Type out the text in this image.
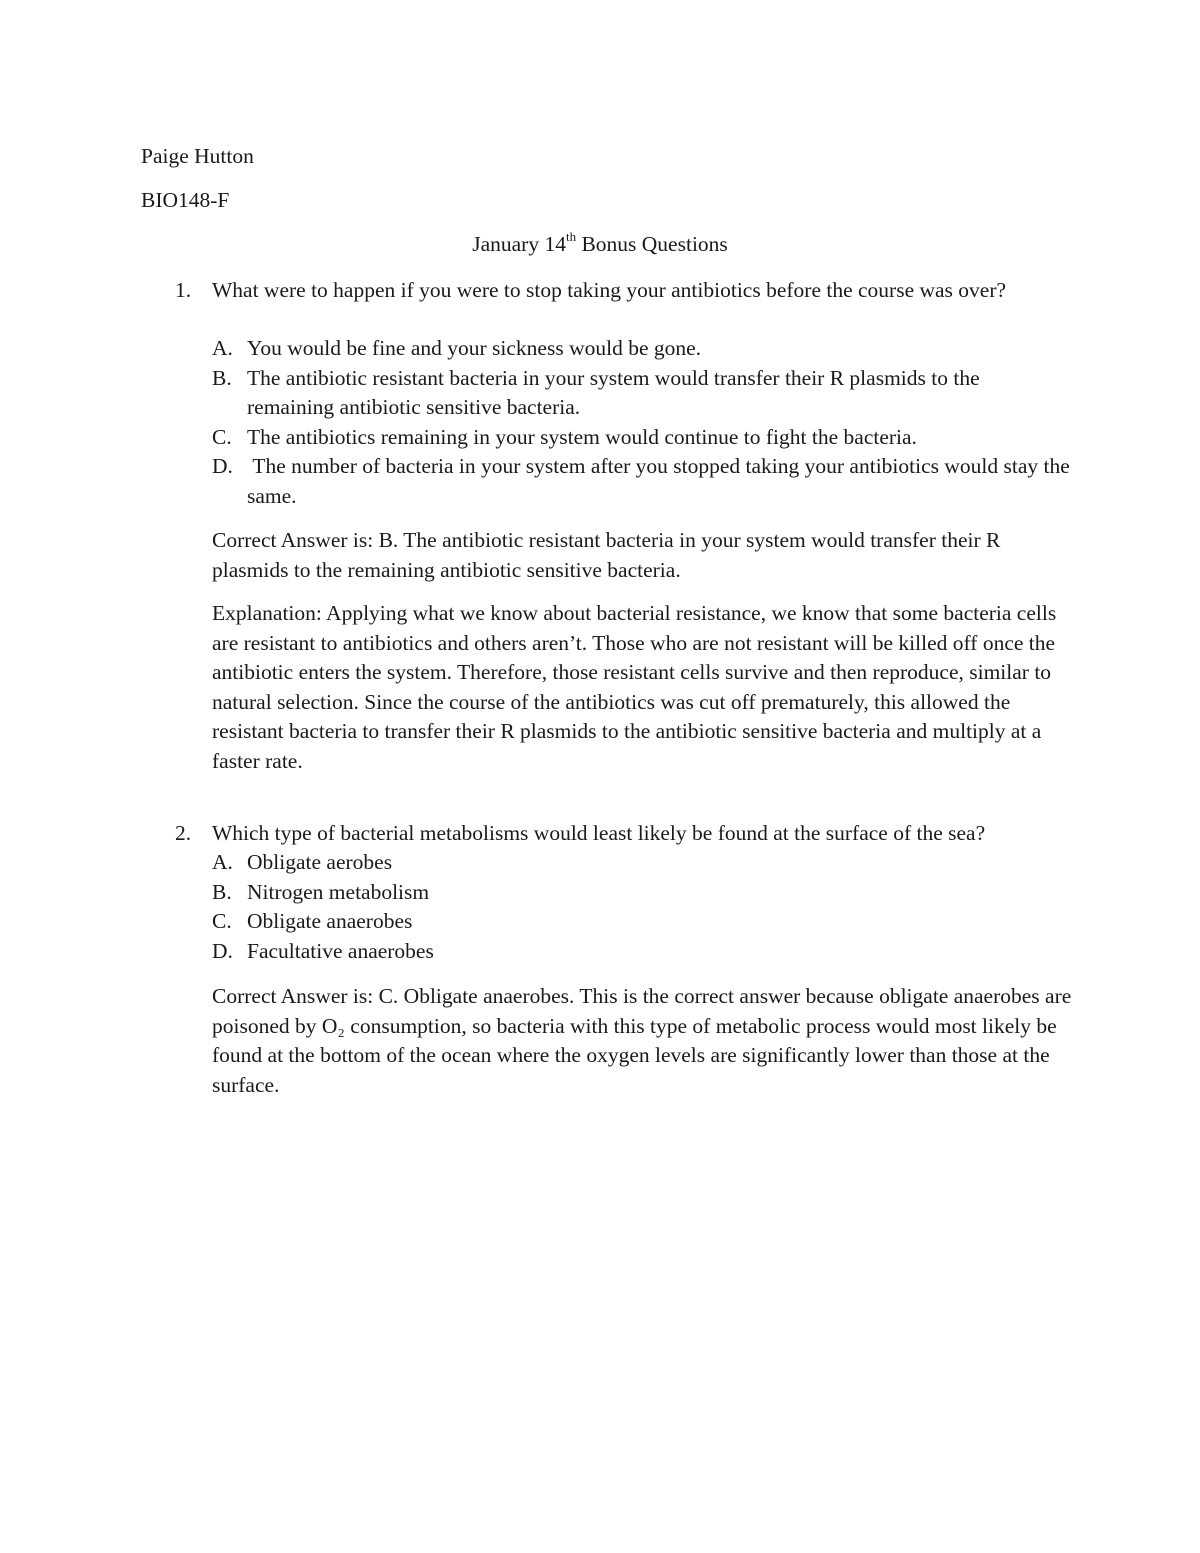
Paige Hutton
BIO148-F
January 14th Bonus Questions
1. What were to happen if you were to stop taking your antibiotics before the course was over?
A. You would be fine and your sickness would be gone.
B. The antibiotic resistant bacteria in your system would transfer their R plasmids to the remaining antibiotic sensitive bacteria.
C. The antibiotics remaining in your system would continue to fight the bacteria.
D. The number of bacteria in your system after you stopped taking your antibiotics would stay the same.

Correct Answer is: B. The antibiotic resistant bacteria in your system would transfer their R plasmids to the remaining antibiotic sensitive bacteria.

Explanation: Applying what we know about bacterial resistance, we know that some bacteria cells are resistant to antibiotics and others aren’t. Those who are not resistant will be killed off once the antibiotic enters the system. Therefore, those resistant cells survive and then reproduce, similar to natural selection. Since the course of the antibiotics was cut off prematurely, this allowed the resistant bacteria to transfer their R plasmids to the antibiotic sensitive bacteria and multiply at a faster rate.

2. Which type of bacterial metabolisms would least likely be found at the surface of the sea?
A. Obligate aerobes
B. Nitrogen metabolism
C. Obligate anaerobes
D. Facultative anaerobes

Correct Answer is: C. Obligate anaerobes. This is the correct answer because obligate anaerobes are poisoned by O₂ consumption, so bacteria with this type of metabolic process would most likely be found at the bottom of the ocean where the oxygen levels are significantly lower than those at the surface.
